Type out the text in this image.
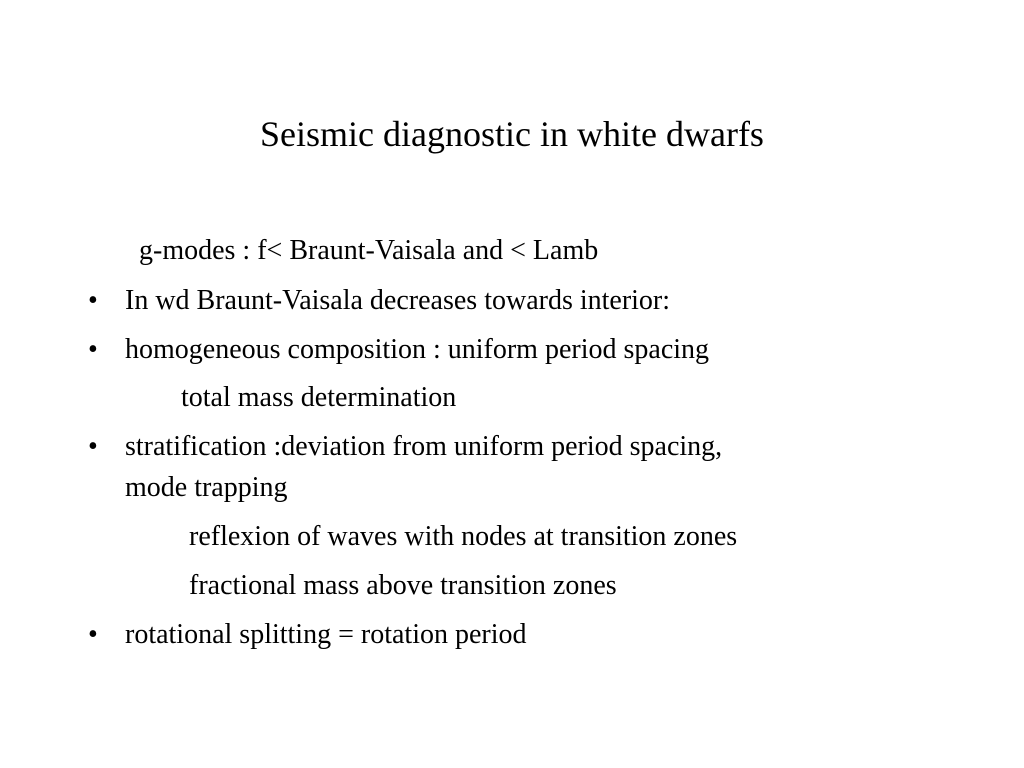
Seismic diagnostic in white dwarfs
g-modes : f< Braunt-Vaisala and < Lamb
• In wd Braunt-Vaisala decreases towards interior:
• homogeneous composition : uniform period spacing
total mass determination
• stratification :deviation from uniform period spacing,
mode trapping
reflexion of waves with nodes at transition zones
fractional mass above transition zones
• rotational splitting = rotation period
